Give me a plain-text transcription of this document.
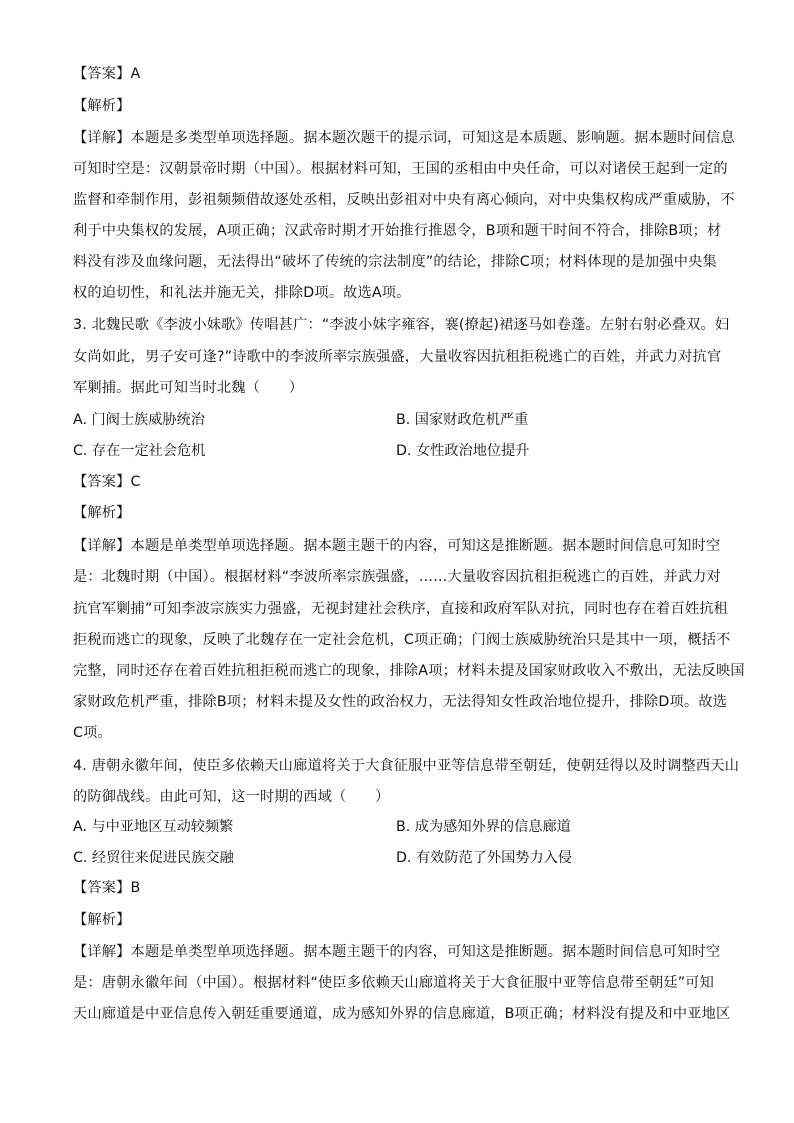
【答案】A
【解析】
【详解】本题是多类型单项选择题。据本题次题干的提示词，可知这是本质题、影响题。据本题时间信息
可知时空是：汉朝景帝时期（中国）。根据材料可知，王国的丞相由中央任命，可以对诸侯王起到一定的
监督和牵制作用，彭祖频频借故逐处丞相，反映出彭祖对中央有离心倾向，对中央集权构成严重威胁，不
利于中央集权的发展，A项正确；汉武帝时期才开始推行推恩令，B项和题干时间不符合，排除B项；材
料没有涉及血缘问题，无法得出“破坏了传统的宗法制度”的结论，排除C项；材料体现的是加强中央集
权的迫切性，和礼法并施无关，排除D项。故选A项。
3. 北魏民歌《李波小妹歌》传唱甚广：“李波小妹字雍容，褰(撩起)裙逐马如卷蓬。左射右射必叠双。妇
女尚如此，男子安可逢?”诗歌中的李波所率宗族强盛，大量收容因抗租拒税逃亡的百姓，并武力对抗官
军剿捕。据此可知当时北魏（　　）
A. 门阀士族威胁统治	B. 国家财政危机严重
C. 存在一定社会危机	D. 女性政治地位提升
【答案】C
【解析】
【详解】本题是单类型单项选择题。据本题主题干的内容，可知这是推断题。据本题时间信息可知时空
是：北魏时期（中国）。根据材料“李波所率宗族强盛，……大量收容因抗租拒税逃亡的百姓，并武力对
抗官军剿捕”可知李波宗族实力强盛，无视封建社会秩序，直接和政府军队对抗，同时也存在着百姓抗租
拒税而逃亡的现象，反映了北魏存在一定社会危机，C项正确；门阀士族威胁统治只是其中一项，概括不
完整，同时还存在着百姓抗租拒税而逃亡的现象，排除A项；材料未提及国家财政收入不敷出，无法反映国
家财政危机严重，排除B项；材料未提及女性的政治权力，无法得知女性政治地位提升，排除D项。故选
C项。
4. 唐朝永徽年间，使臣多依赖天山廊道将关于大食征服中亚等信息带至朝廷，使朝廷得以及时调整西天山
的防御战线。由此可知，这一时期的西域（　　）
A. 与中亚地区互动较频繁	B. 成为感知外界的信息廊道
C. 经贸往来促进民族交融	D. 有效防范了外国势力入侵
【答案】B
【解析】
【详解】本题是单类型单项选择题。据本题主题干的内容，可知这是推断题。据本题时间信息可知时空
是：唐朝永徽年间（中国）。根据材料“使臣多依赖天山廊道将关于大食征服中亚等信息带至朝廷”可知
天山廊道是中亚信息传入朝廷重要通道，成为感知外界的信息廊道，B项正确；材料没有提及和中亚地区
